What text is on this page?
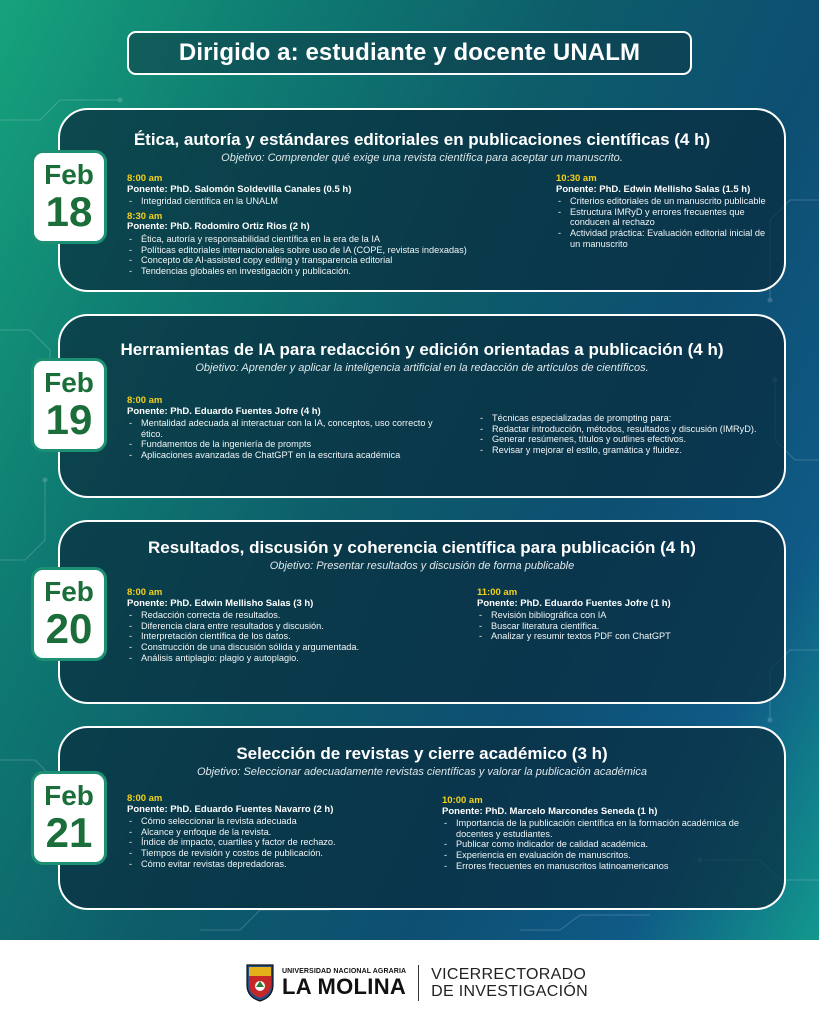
Dirigido a: estudiante y docente UNALM
Ética, autoría y estándares editoriales en publicaciones científicas (4 h)
Objetivo: Comprender qué exige una revista científica para aceptar un manuscrito.
8:00 am
Ponente: PhD. Salomón Soldevilla Canales (0.5 h)
- Integridad científica en la UNALM
8:30 am
Ponente: PhD. Rodomiro Ortiz Rios (2 h)
- Ética, autoría y responsabilidad científica en la era de la IA
- Políticas editoriales internacionales sobre uso de IA (COPE, revistas indexadas)
- Concepto de AI-assisted copy editing y transparencia editorial
- Tendencias globales en investigación y publicación.
10:30 am
Ponente: PhD. Edwin Mellisho Salas (1.5 h)
- Criterios editoriales de un manuscrito publicable
- Estructura IMRyD y errores frecuentes que conducen al rechazo
- Actividad práctica: Evaluación editorial inicial de un manuscrito
Feb
18
Herramientas de IA para redacción y edición orientadas a publicación (4 h)
Objetivo: Aprender y aplicar la inteligencia artificial en la redacción de artículos de científicos.
8:00 am
Ponente: PhD. Eduardo Fuentes Jofre (4 h)
- Mentalidad adecuada al interactuar con la IA, conceptos, uso correcto y ético.
- Fundamentos de la ingeniería de prompts
- Aplicaciones avanzadas de ChatGPT en la escritura académica
- Técnicas especializadas de prompting para:
- Redactar introducción, métodos, resultados y discusión (IMRyD).
- Generar resúmenes, títulos y outlines efectivos.
- Revisar y mejorar el estilo, gramática y fluidez.
Feb
19
Resultados, discusión y coherencia científica para publicación (4 h)
Objetivo: Presentar resultados y discusión de forma publicable
8:00 am
Ponente: PhD. Edwin Mellisho Salas (3 h)
- Redacción correcta de resultados.
- Diferencia clara entre resultados y discusión.
- Interpretación científica de los datos.
- Construcción de una discusión sólida y argumentada.
- Análisis antiplagio: plagio y autoplagio.
11:00 am
Ponente: PhD. Eduardo Fuentes Jofre (1 h)
- Revisión bibliográfica con IA
- Buscar literatura científica.
- Analizar y resumir textos PDF con ChatGPT
Feb
20
Selección de revistas y cierre académico (3 h)
Objetivo: Seleccionar adecuadamente revistas científicas y valorar la publicación académica
8:00 am
Ponente: PhD. Eduardo Fuentes Navarro (2 h)
- Cómo seleccionar la revista adecuada
- Alcance y enfoque de la revista.
- Índice de impacto, cuartiles y factor de rechazo.
- Tiempos de revisión y costos de publicación.
- Cómo evitar revistas depredadoras.
10:00 am
Ponente: PhD. Marcelo Marcondes Seneda (1 h)
- Importancia de la publicación científica en la formación académica de docentes y estudiantes.
- Publicar como indicador de calidad académica.
- Experiencia en evaluación de manuscritos.
- Errores frecuentes en manuscritos latinoamericanos
Feb
21
UNIVERSIDAD NACIONAL AGRARIA
LA MOLINA VICERRECTORADO
DE INVESTIGACIÓN
